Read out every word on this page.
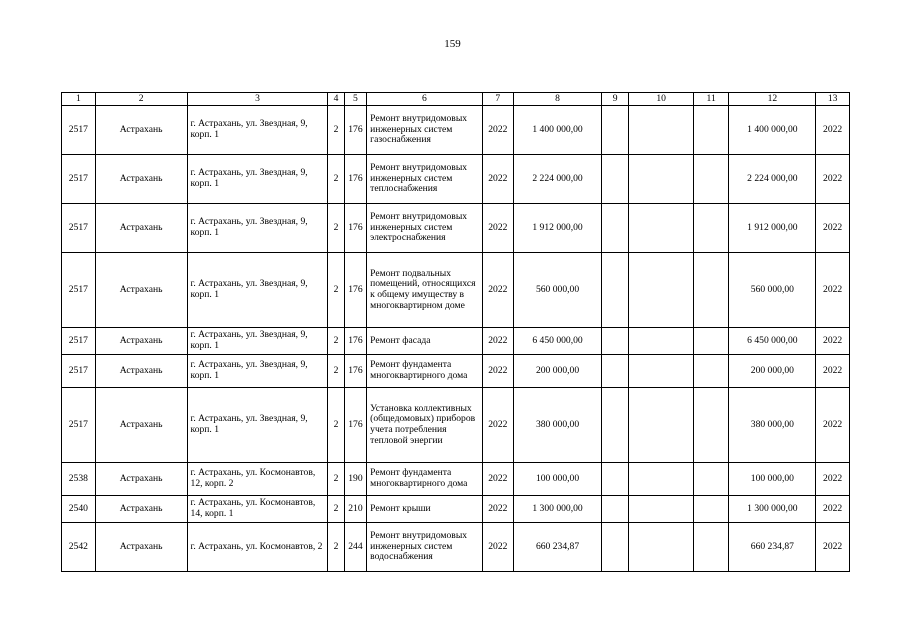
159
1	2	3	4	5	6	7	8	9	10	11	12	13
2517	Астрахань	г. Астрахань, ул. Звездная, 9, корп. 1	2	176	Ремонт внутридомовых инженерных систем газоснабжения	2022	1 400 000,00				1 400 000,00	2022
2517	Астрахань	г. Астрахань, ул. Звездная, 9, корп. 1	2	176	Ремонт внутридомовых инженерных систем теплоснабжения	2022	2 224 000,00				2 224 000,00	2022
2517	Астрахань	г. Астрахань, ул. Звездная, 9, корп. 1	2	176	Ремонт внутридомовых инженерных систем электроснабжения	2022	1 912 000,00				1 912 000,00	2022
2517	Астрахань	г. Астрахань, ул. Звездная, 9, корп. 1	2	176	Ремонт подвальных помещений, относящихся к общему имуществу в многоквартирном доме	2022	560 000,00				560 000,00	2022
2517	Астрахань	г. Астрахань, ул. Звездная, 9, корп. 1	2	176	Ремонт фасада	2022	6 450 000,00				6 450 000,00	2022
2517	Астрахань	г. Астрахань, ул. Звездная, 9, корп. 1	2	176	Ремонт фундамента многоквартирного дома	2022	200 000,00				200 000,00	2022
2517	Астрахань	г. Астрахань, ул. Звездная, 9, корп. 1	2	176	Установка коллективных (общедомовых) приборов учета потребления тепловой энергии	2022	380 000,00				380 000,00	2022
2538	Астрахань	г. Астрахань, ул. Космонавтов, 12, корп. 2	2	190	Ремонт фундамента многоквартирного дома	2022	100 000,00				100 000,00	2022
2540	Астрахань	г. Астрахань, ул. Космонавтов, 14, корп. 1	2	210	Ремонт крыши	2022	1 300 000,00				1 300 000,00	2022
2542	Астрахань	г. Астрахань, ул. Космонавтов, 2	2	244	Ремонт внутридомовых инженерных систем водоснабжения	2022	660 234,87				660 234,87	2022
